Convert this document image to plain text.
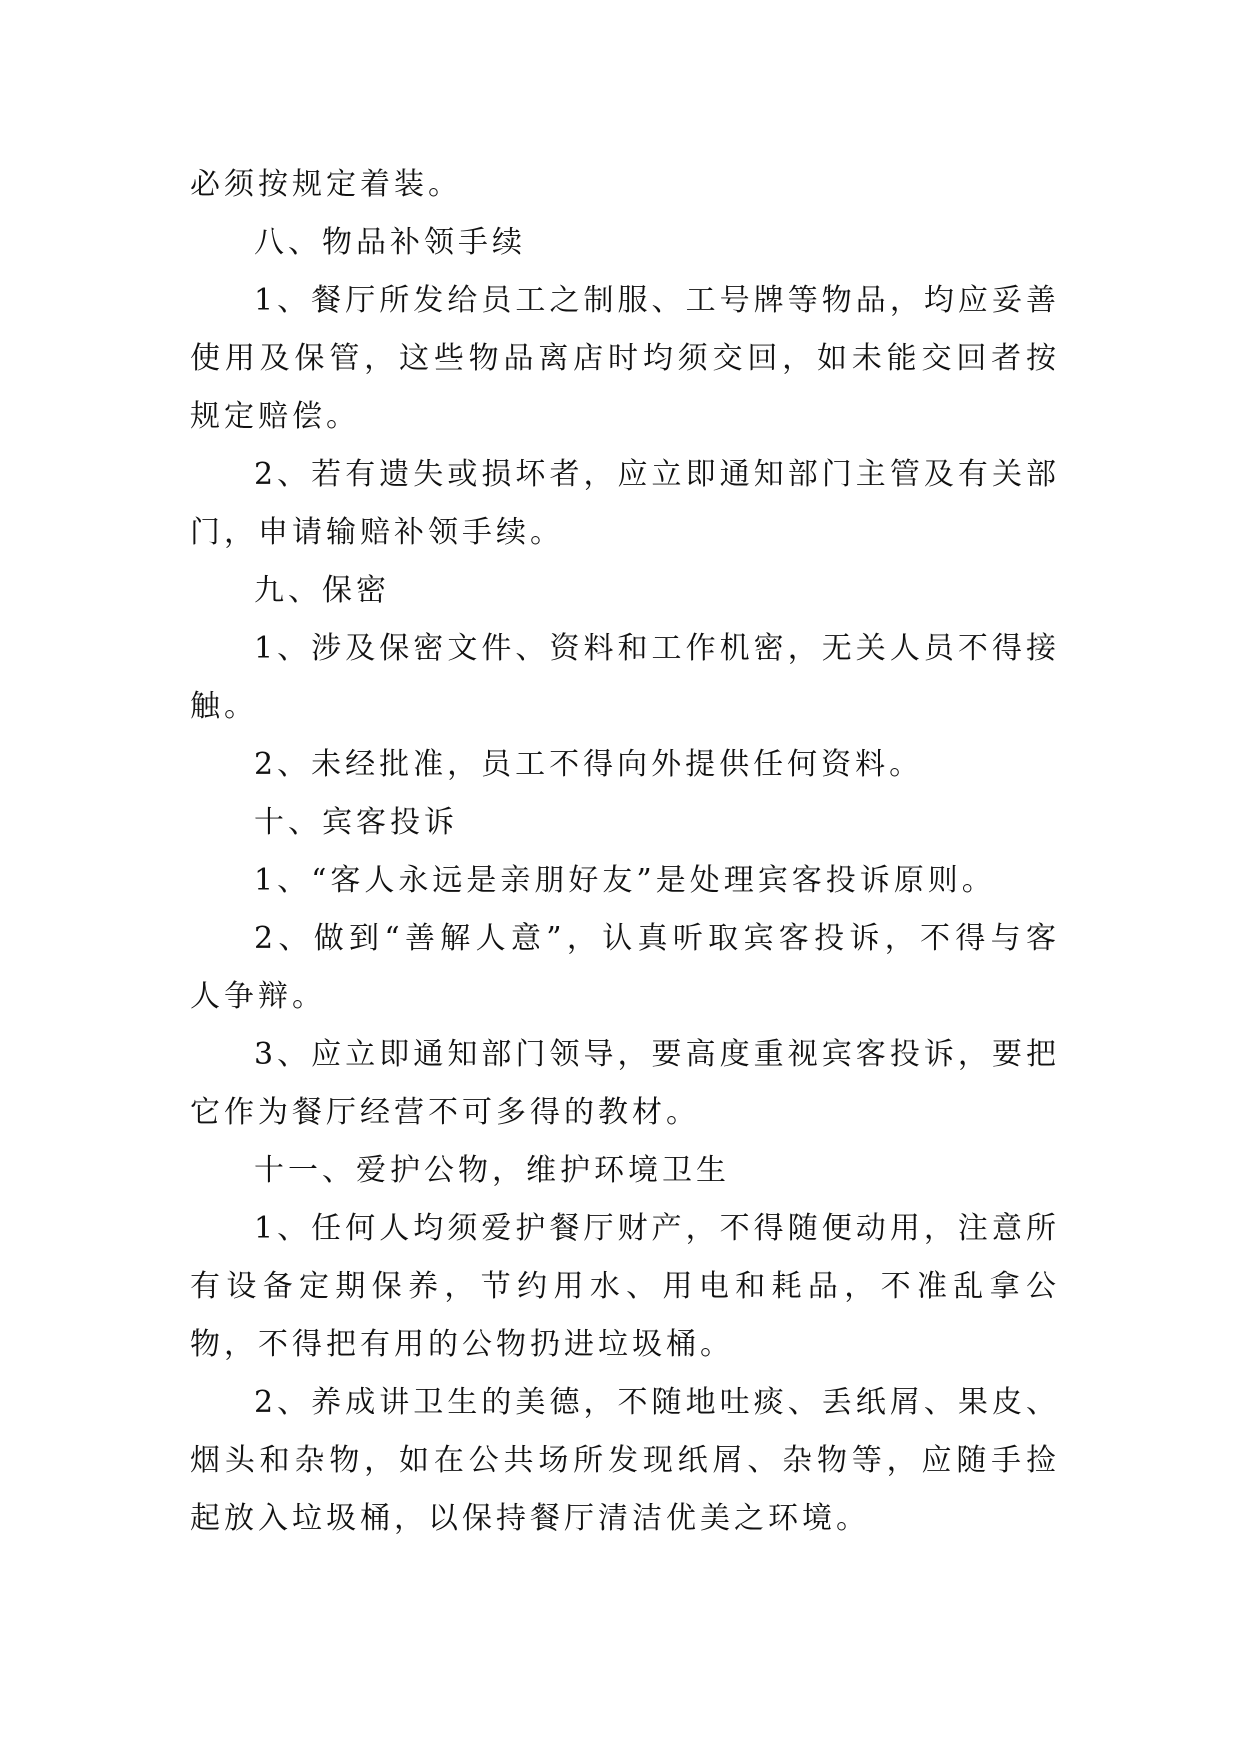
必须按规定着装。

八、物品补领手续

1、餐厅所发给员工之制服、工号牌等物品，均应妥善使用及保管，这些物品离店时均须交回，如未能交回者按规定赔偿。

2、若有遗失或损坏者，应立即通知部门主管及有关部门，申请输赔补领手续。

九、保密

1、涉及保密文件、资料和工作机密，无关人员不得接触。

2、未经批准，员工不得向外提供任何资料。

十、宾客投诉

1、“客人永远是亲朋好友”是处理宾客投诉原则。

2、做到“善解人意”，认真听取宾客投诉，不得与客人争辩。

3、应立即通知部门领导，要高度重视宾客投诉，要把它作为餐厅经营不可多得的教材。

十一、爱护公物，维护环境卫生

1、任何人均须爱护餐厅财产，不得随便动用，注意所有设备定期保养，节约用水、用电和耗品，不准乱拿公物，不得把有用的公物扔进垃圾桶。

2、养成讲卫生的美德，不随地吐痰、丢纸屑、果皮、烟头和杂物，如在公共场所发现纸屑、杂物等，应随手捡起放入垃圾桶，以保持餐厅清洁优美之环境。
